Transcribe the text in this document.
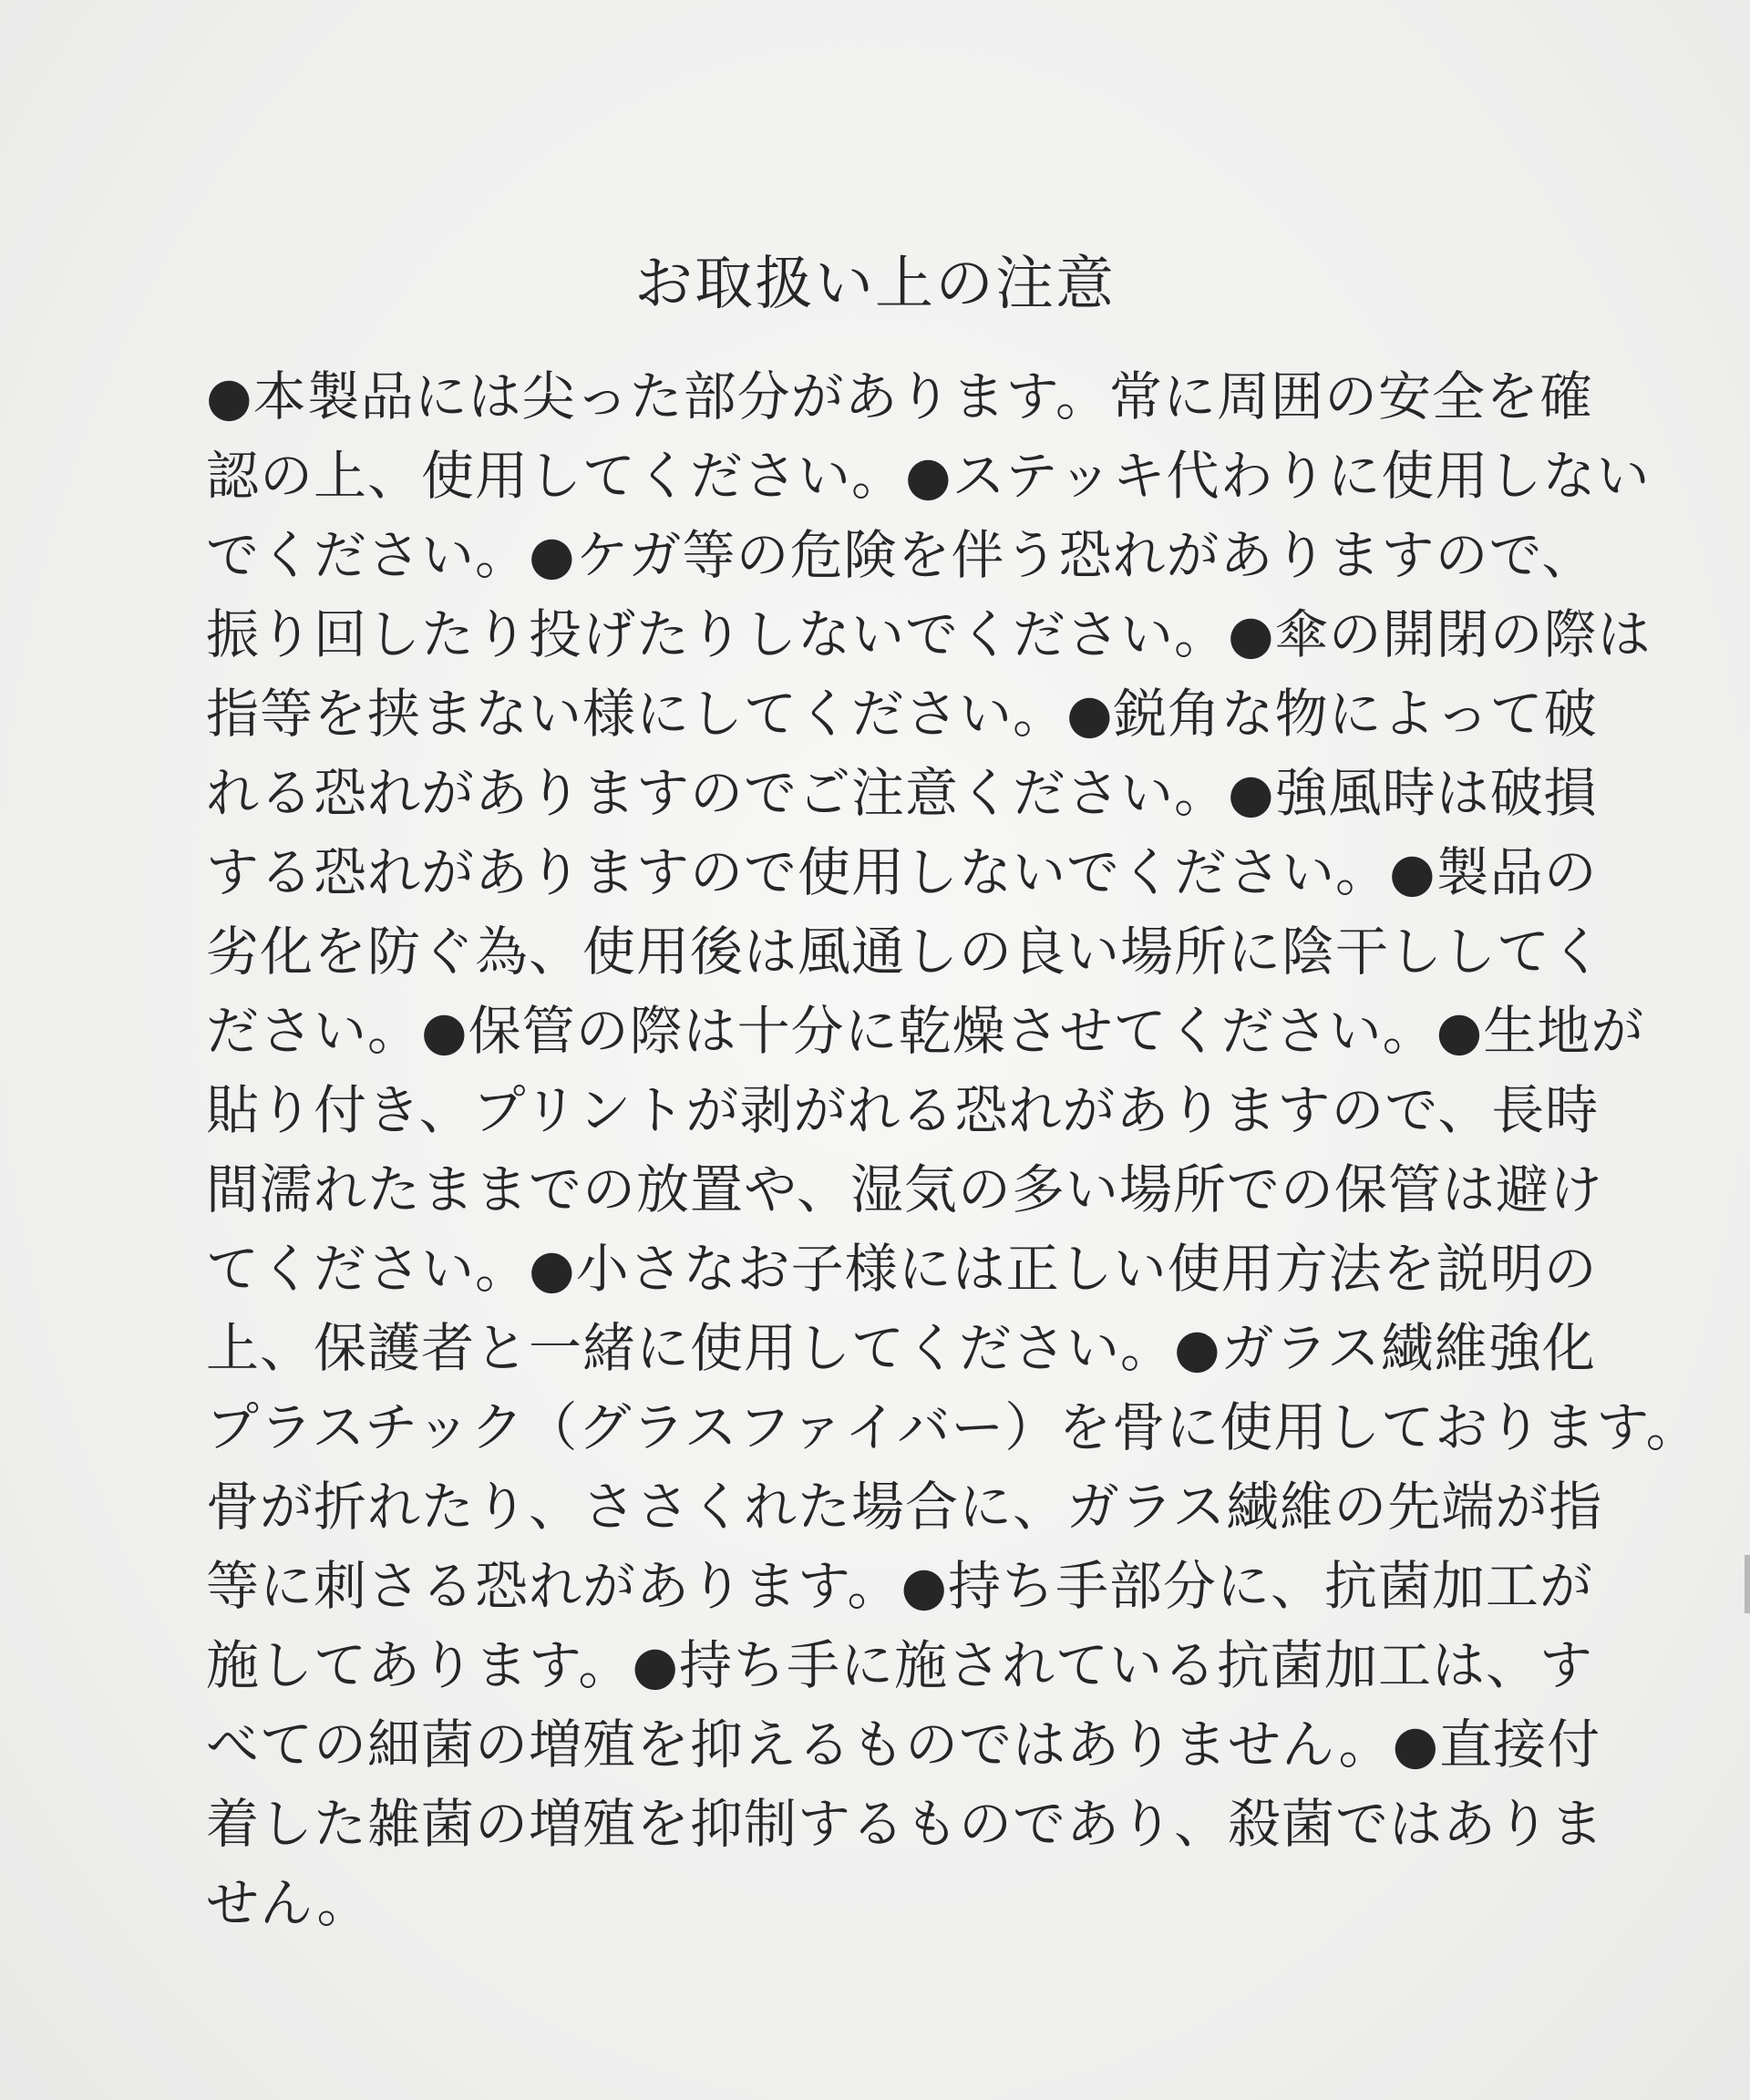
お取扱い上の注意
●本製品には尖った部分があります。常に周囲の安全を確
認の上、使用してください。●ステッキ代わりに使用しない
でください。●ケガ等の危険を伴う恐れがありますので、
振り回したり投げたりしないでください。●傘の開閉の際は
指等を挟まない様にしてください。●鋭角な物によって破
れる恐れがありますのでご注意ください。●強風時は破損
する恐れがありますので使用しないでください。●製品の
劣化を防ぐ為、使用後は風通しの良い場所に陰干ししてく
ださい。●保管の際は十分に乾燥させてください。●生地が
貼り付き、プリントが剥がれる恐れがありますので、長時
間濡れたままでの放置や、湿気の多い場所での保管は避け
てください。●小さなお子様には正しい使用方法を説明の
上、保護者と一緒に使用してください。●ガラス繊維強化
プラスチック（グラスファイバー）を骨に使用しております。
骨が折れたり、ささくれた場合に、ガラス繊維の先端が指
等に刺さる恐れがあります。●持ち手部分に、抗菌加工が
施してあります。●持ち手に施されている抗菌加工は、す
べての細菌の増殖を抑えるものではありません。●直接付
着した雑菌の増殖を抑制するものであり、殺菌ではありま
せん。
